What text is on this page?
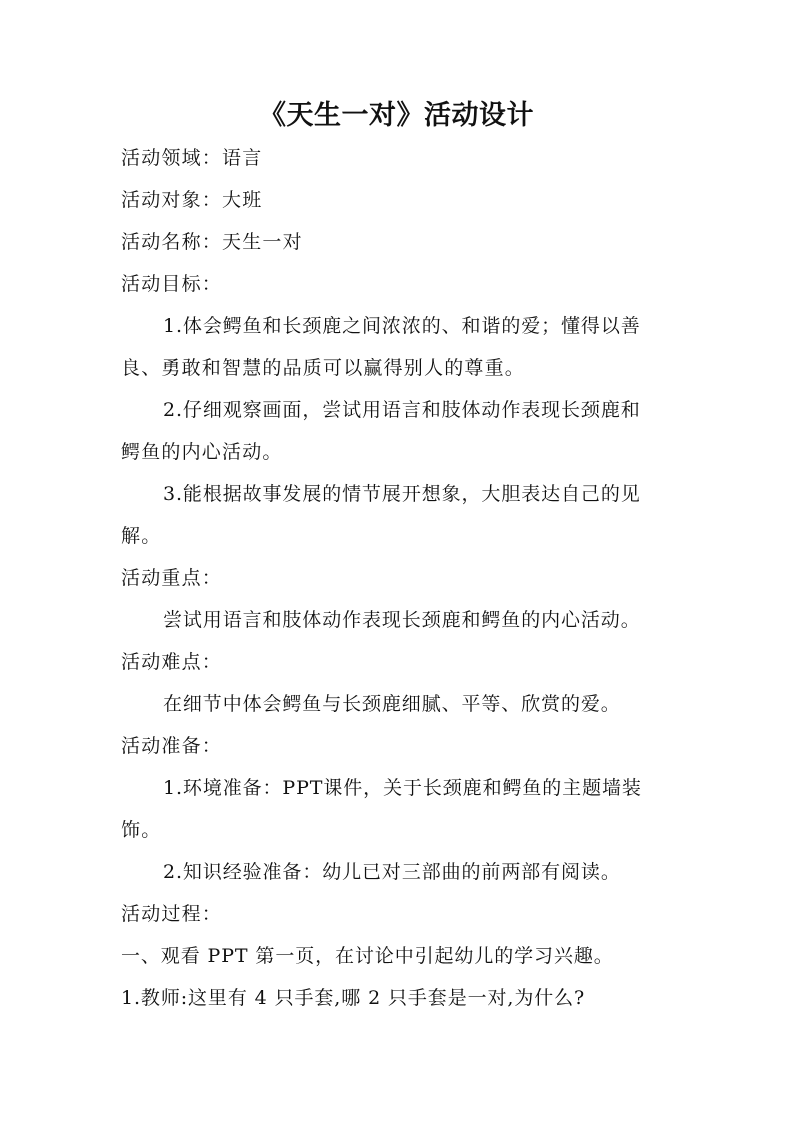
《天生一对》活动设计
活动领域：语言
活动对象：大班
活动名称：天生一对
活动目标：
1.体会鳄鱼和长颈鹿之间浓浓的、和谐的爱；懂得以善
良、勇敢和智慧的品质可以赢得别人的尊重。
2.仔细观察画面，尝试用语言和肢体动作表现长颈鹿和
鳄鱼的内心活动。
3.能根据故事发展的情节展开想象，大胆表达自己的见
解。
活动重点：
尝试用语言和肢体动作表现长颈鹿和鳄鱼的内心活动。
活动难点：
在细节中体会鳄鱼与长颈鹿细腻、平等、欣赏的爱。
活动准备：
1.环境准备：PPT课件，关于长颈鹿和鳄鱼的主题墙装
饰。
2.知识经验准备：幼儿已对三部曲的前两部有阅读。
活动过程：
一、观看 PPT 第一页，在讨论中引起幼儿的学习兴趣。
1.教师:这里有 4 只手套,哪 2 只手套是一对,为什么?
